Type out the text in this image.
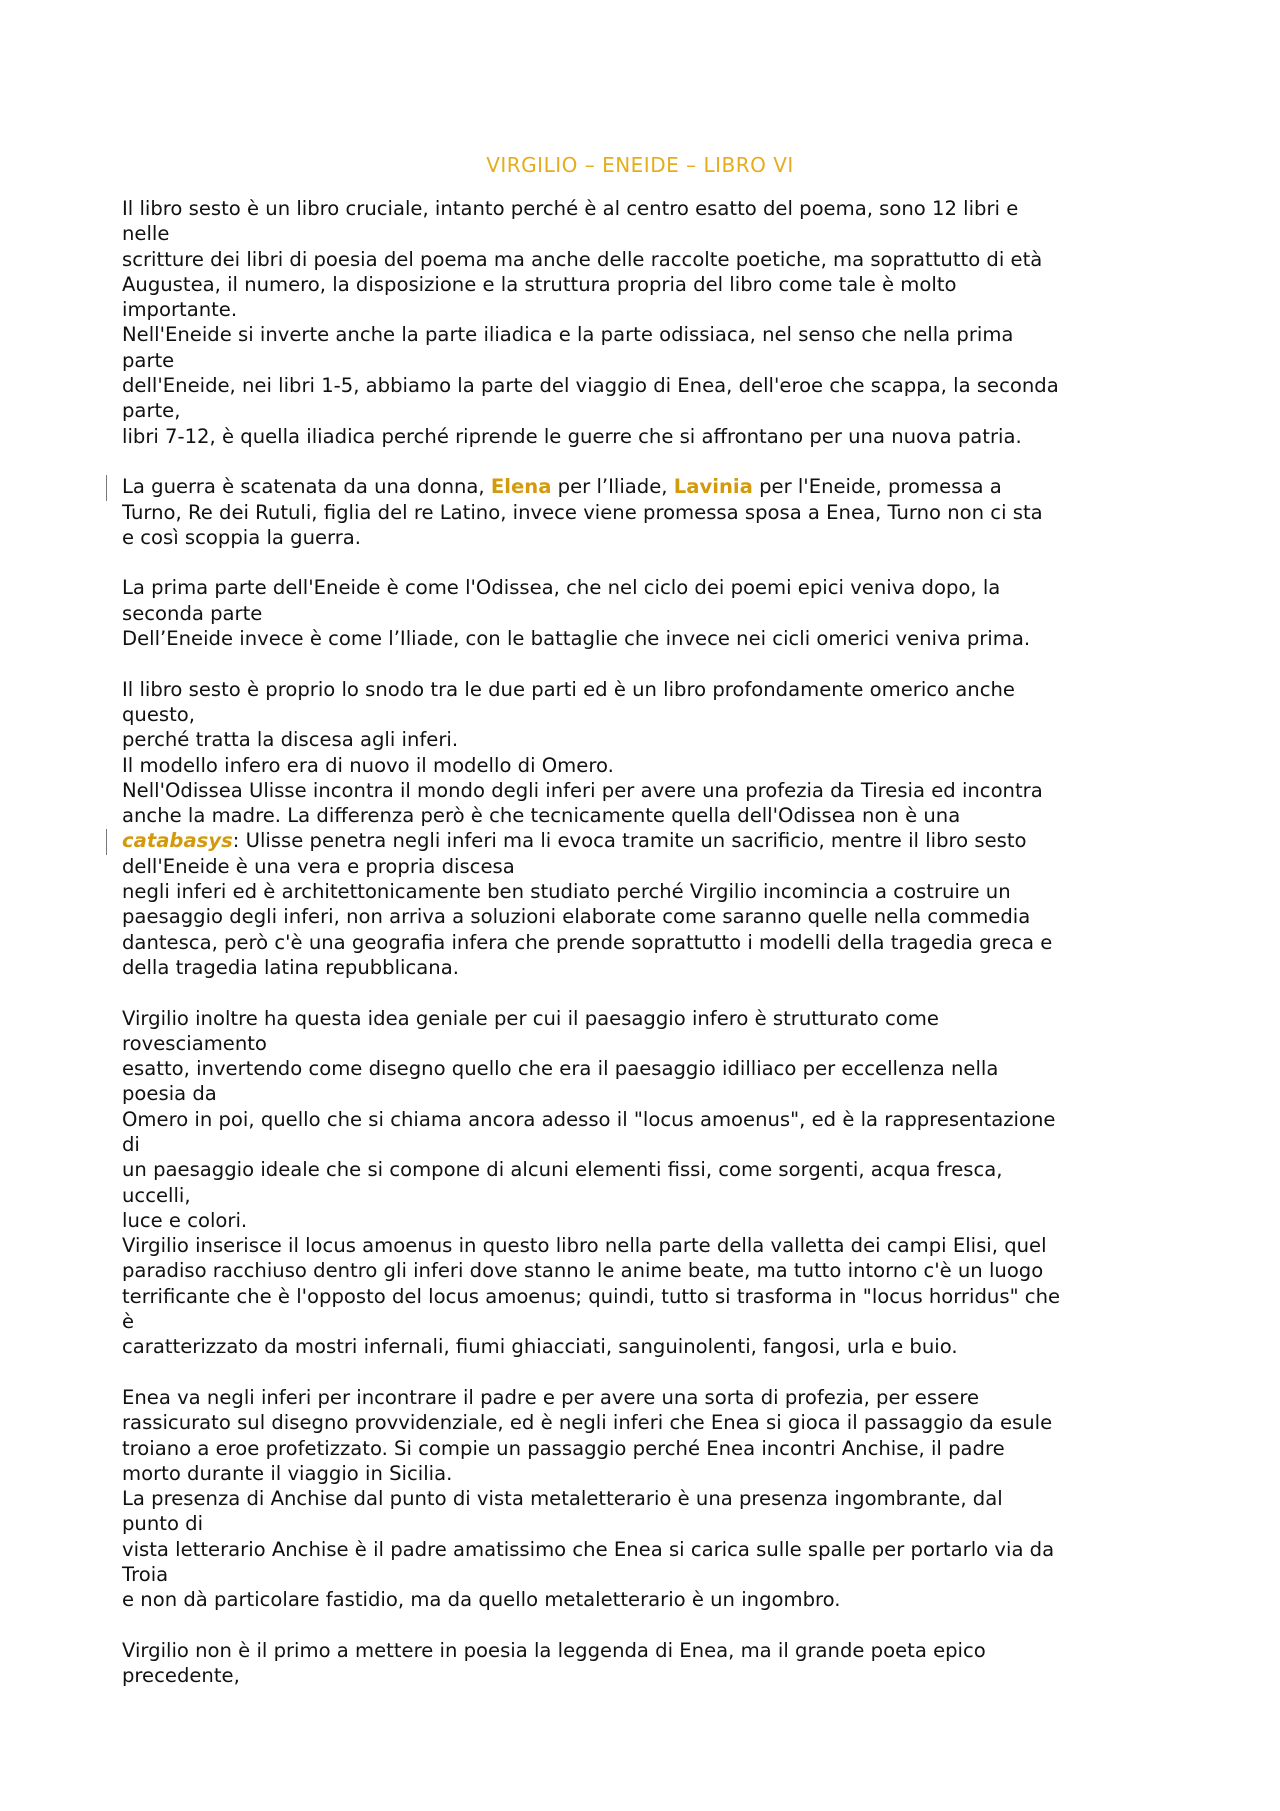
VIRGILIO – ENEIDE – LIBRO VI

Il libro sesto è un libro cruciale, intanto perché è al centro esatto del poema, sono 12 libri e
nelle
scritture dei libri di poesia del poema ma anche delle raccolte poetiche, ma soprattutto di età
Augustea, il numero, la disposizione e la struttura propria del libro come tale è molto
importante.
Nell'Eneide si inverte anche la parte iliadica e la parte odissiaca, nel senso che nella prima
parte
dell'Eneide, nei libri 1-5, abbiamo la parte del viaggio di Enea, dell'eroe che scappa, la seconda
parte,
libri 7-12, è quella iliadica perché riprende le guerre che si affrontano per una nuova patria.

La guerra è scatenata da una donna, Elena per l’Iliade, Lavinia per l'Eneide, promessa a
Turno, Re dei Rutuli, figlia del re Latino, invece viene promessa sposa a Enea, Turno non ci sta
e così scoppia la guerra.

La prima parte dell'Eneide è come l'Odissea, che nel ciclo dei poemi epici veniva dopo, la
seconda parte
Dell’Eneide invece è come l’Iliade, con le battaglie che invece nei cicli omerici veniva prima.

Il libro sesto è proprio lo snodo tra le due parti ed è un libro profondamente omerico anche
questo,
perché tratta la discesa agli inferi.
Il modello infero era di nuovo il modello di Omero.
Nell'Odissea Ulisse incontra il mondo degli inferi per avere una profezia da Tiresia ed incontra
anche la madre. La differenza però è che tecnicamente quella dell'Odissea non è una
catabasys: Ulisse penetra negli inferi ma li evoca tramite un sacrificio, mentre il libro sesto
dell'Eneide è una vera e propria discesa
negli inferi ed è architettonicamente ben studiato perché Virgilio incomincia a costruire un
paesaggio degli inferi, non arriva a soluzioni elaborate come saranno quelle nella commedia
dantesca, però c'è una geografia infera che prende soprattutto i modelli della tragedia greca e
della tragedia latina repubblicana.

Virgilio inoltre ha questa idea geniale per cui il paesaggio infero è strutturato come
rovesciamento
esatto, invertendo come disegno quello che era il paesaggio idilliaco per eccellenza nella
poesia da
Omero in poi, quello che si chiama ancora adesso il "locus amoenus", ed è la rappresentazione
di
un paesaggio ideale che si compone di alcuni elementi fissi, come sorgenti, acqua fresca,
uccelli,
luce e colori.
Virgilio inserisce il locus amoenus in questo libro nella parte della valletta dei campi Elisi, quel
paradiso racchiuso dentro gli inferi dove stanno le anime beate, ma tutto intorno c'è un luogo
terrificante che è l'opposto del locus amoenus; quindi, tutto si trasforma in "locus horridus" che
è
caratterizzato da mostri infernali, fiumi ghiacciati, sanguinolenti, fangosi, urla e buio.

Enea va negli inferi per incontrare il padre e per avere una sorta di profezia, per essere
rassicurato sul disegno provvidenziale, ed è negli inferi che Enea si gioca il passaggio da esule
troiano a eroe profetizzato. Si compie un passaggio perché Enea incontri Anchise, il padre
morto durante il viaggio in Sicilia.
La presenza di Anchise dal punto di vista metaletterario è una presenza ingombrante, dal
punto di
vista letterario Anchise è il padre amatissimo che Enea si carica sulle spalle per portarlo via da
Troia
e non dà particolare fastidio, ma da quello metaletterario è un ingombro.

Virgilio non è il primo a mettere in poesia la leggenda di Enea, ma il grande poeta epico
precedente,
